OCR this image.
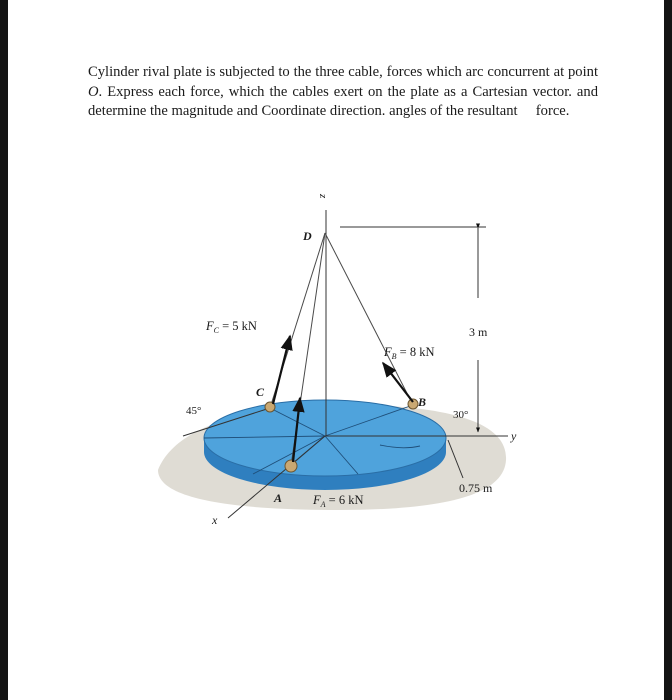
Cylinder rival plate is subjected to the three cable, forces which arc concurrent at point O. Express each force, which the cables exert on the plate as a Cartesian vector. and determine the magnitude and Coordinate direction. angles of the resultant     force.

z
y
x
D
C
B
A
$F_C = 5$ kN
$F_B = 8$ kN
$F_A = 6$ kN
3 m
0.75 m
45°	30°
